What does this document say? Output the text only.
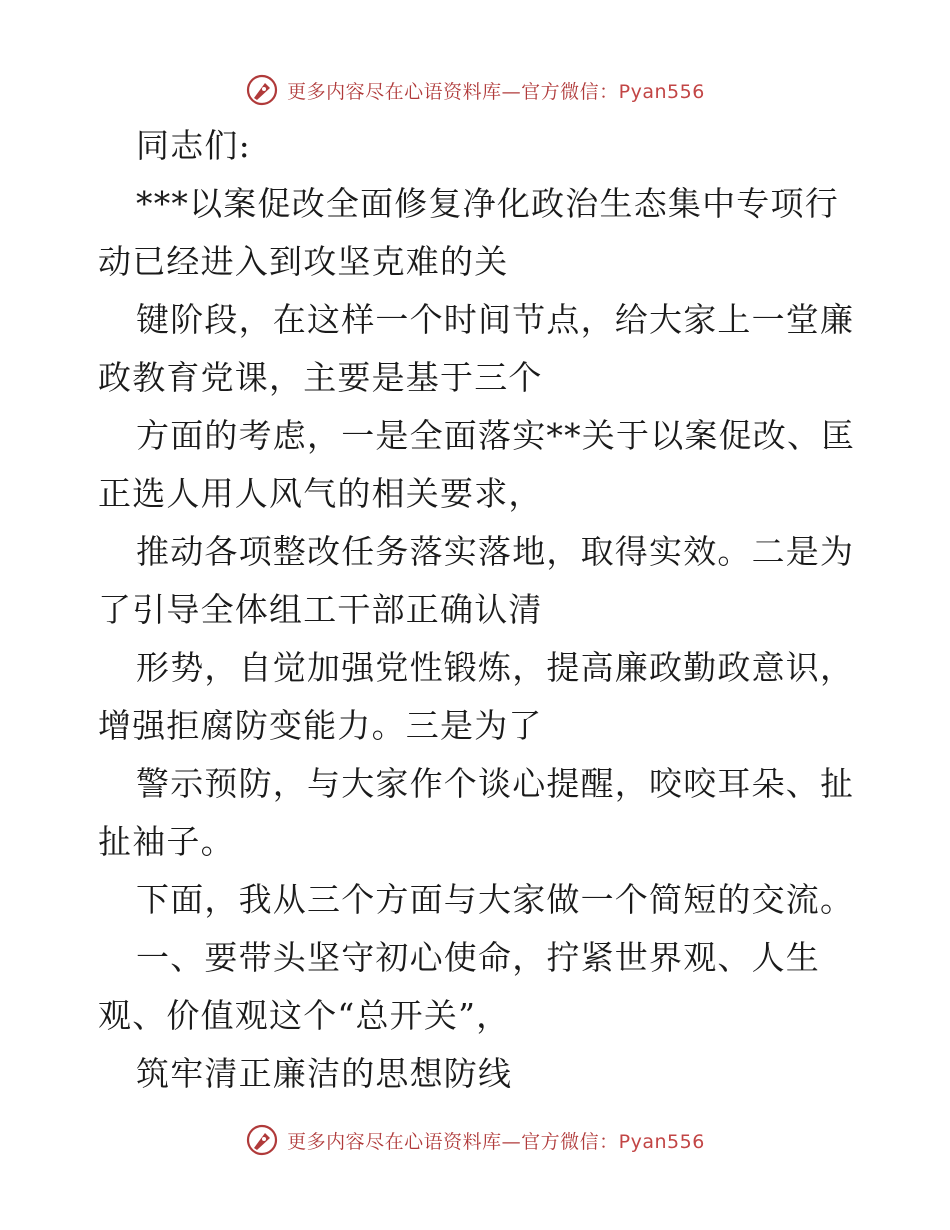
更多内容尽在心语资料库—官方微信：Pyan556
同志们:
***以案促改全面修复净化政治生态集中专项行
动已经进入到攻坚克难的关
键阶段，在这样一个时间节点，给大家上一堂廉
政教育党课，主要是基于三个
方面的考虑，一是全面落实**关于以案促改、匡
正选人用人风气的相关要求，
推动各项整改任务落实落地，取得实效。二是为
了引导全体组工干部正确认清
形势，自觉加强党性锻炼，提高廉政勤政意识，
增强拒腐防变能力。三是为了
警示预防，与大家作个谈心提醒，咬咬耳朵、扯
扯袖子。
下面，我从三个方面与大家做一个简短的交流。
一、要带头坚守初心使命，拧紧世界观、人生
观、价值观这个“总开关”，
筑牢清正廉洁的思想防线
更多内容尽在心语资料库—官方微信：Pyan556
